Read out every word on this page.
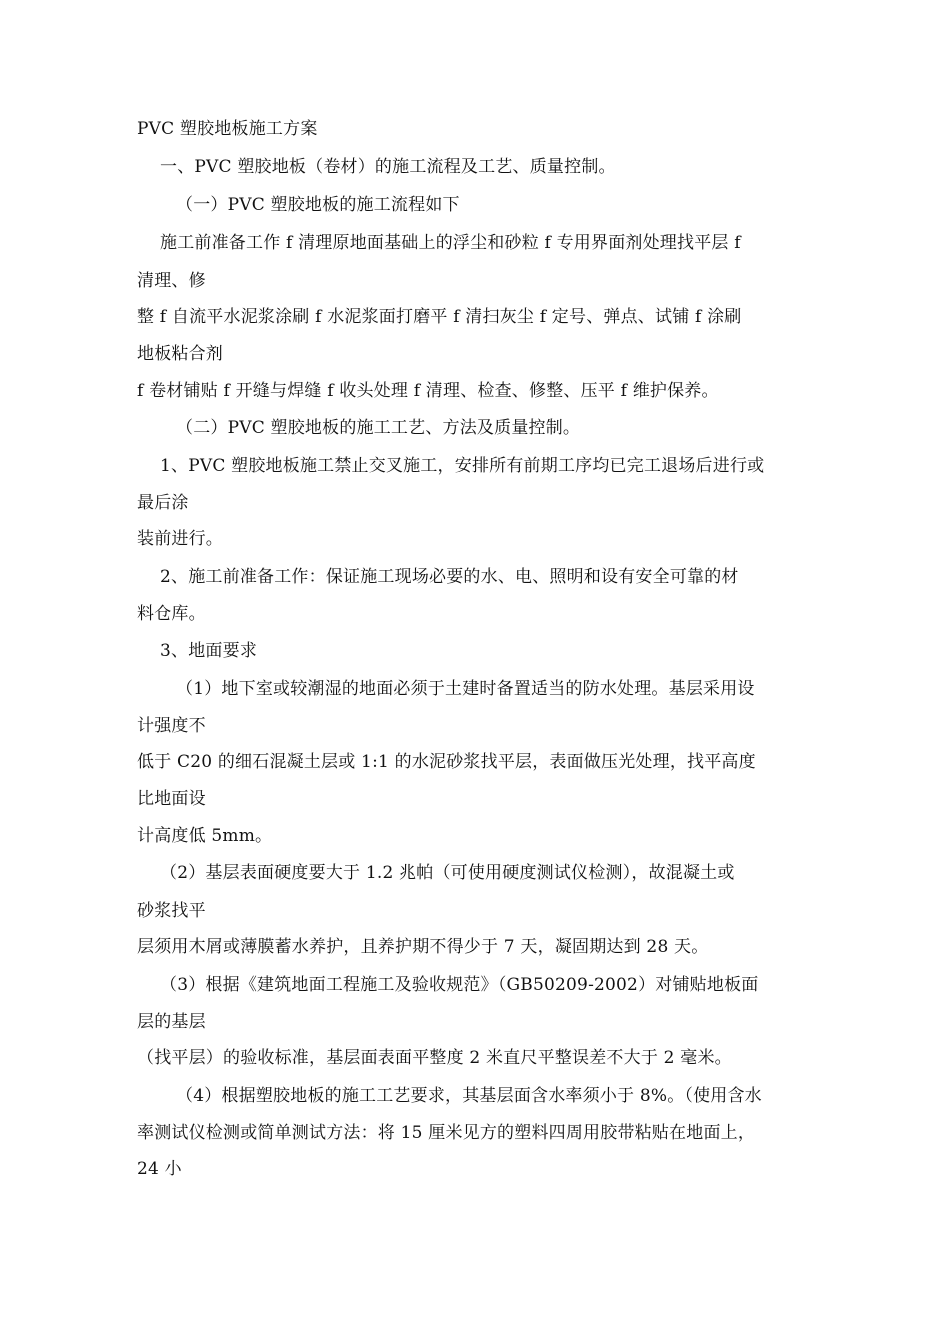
PVC 塑胶地板施工方案
一、PVC 塑胶地板（卷材）的施工流程及工艺、质量控制。
（一）PVC 塑胶地板的施工流程如下
施工前准备工作 f 清理原地面基础上的浮尘和砂粒 f 专用界面剂处理找平层 f
清理、修
整 f 自流平水泥浆涂刷 f 水泥浆面打磨平 f 清扫灰尘 f 定号、弹点、试铺 f 涂刷
地板粘合剂
f 卷材铺贴 f 开缝与焊缝 f 收头处理 f 清理、检查、修整、压平 f 维护保养。
（二）PVC 塑胶地板的施工工艺、方法及质量控制。
1、PVC 塑胶地板施工禁止交叉施工，安排所有前期工序均已完工退场后进行或
最后涂
装前进行。
2、施工前准备工作：保证施工现场必要的水、电、照明和设有安全可靠的材
料仓库。
3、地面要求
（1）地下室或较潮湿的地面必须于土建时备置适当的防水处理。基层采用设
计强度不
低于 C20 的细石混凝土层或 1:1 的水泥砂浆找平层，表面做压光处理，找平高度
比地面设
计高度低 5mm。
（2）基层表面硬度要大于 1.2 兆帕（可使用硬度测试仪检测），故混凝土或
砂浆找平
层须用木屑或薄膜蓄水养护，且养护期不得少于 7 天，凝固期达到 28 天。
（3）根据《建筑地面工程施工及验收规范》（GB50209-2002）对铺贴地板面
层的基层
（找平层）的验收标准，基层面表面平整度 2 米直尺平整误差不大于 2 毫米。
（4）根据塑胶地板的施工工艺要求，其基层面含水率须小于 8%。（使用含水
率测试仪检测或简单测试方法：将 15 厘米见方的塑料四周用胶带粘贴在地面上，
24 小
